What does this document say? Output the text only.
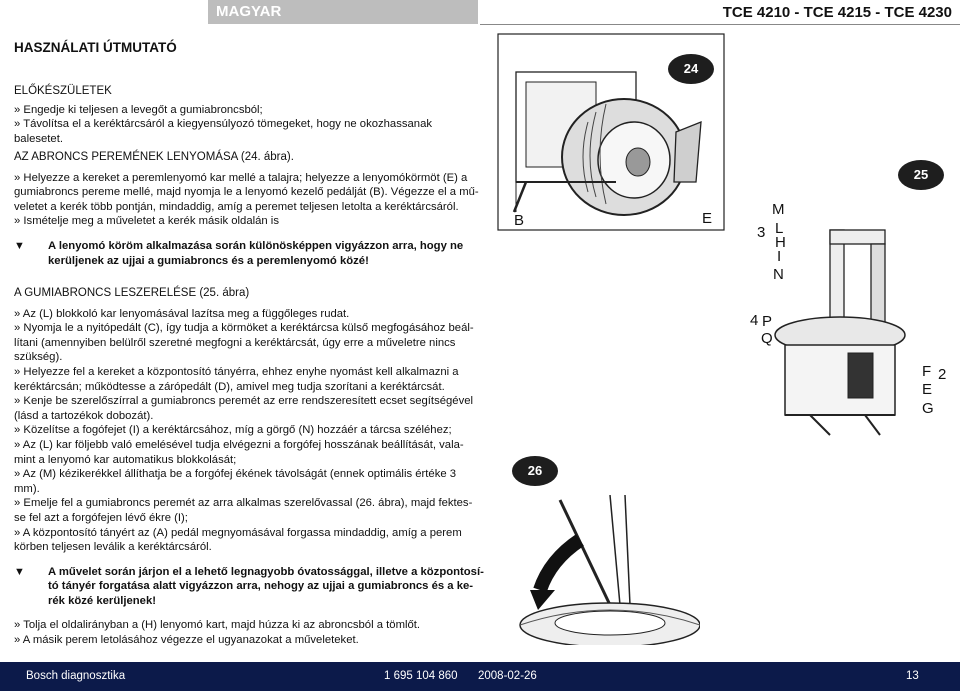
MAGYAR	TCE 4210 - TCE 4215 - TCE 4230
HASZNÁLATI ÚTMUTATÓ

ELŐKÉSZÜLETEK

» Engedje ki teljesen a levegőt a gumiabroncsból;

» Távolítsa el a keréktárcsáról a kiegyensúlyozó tömegeket, hogy ne okozhassanak balesetet.

AZ ABRONCS PEREMÉNEK LENYOMÁSA (24. ábra).

» Helyezze a kereket a peremlenyomó kar mellé a talajra; helyezze a lenyomókörmöt (E) a

gumiabroncs pereme mellé, majd nyomja le a lenyomó kezelő pedálját (B). Végezze el a mű-

veletet a kerék több pontján, mindaddig, amíg a peremet teljesen letolta a keréktárcsáról.

» Ismételje meg a műveletet a kerék másik oldalán is

▼	A lenyomó köröm alkalmazása során különösképpen vigyázzon arra, hogy ne

kerüljenek az ujjai a gumiabroncs és a peremlenyomó közé!

A GUMIABRONCS LESZERELÉSE (25. ábra)

» Az (L) blokkoló kar lenyomásával lazítsa meg a függőleges rudat.

» Nyomja le a nyitópedált (C), így tudja a körmöket a keréktárcsa külső megfogásához beál-

lítani (amennyiben belülről szeretné megfogni a keréktárcsát, úgy erre a műveletre nincs

szükség).

» Helyezze fel a kereket a központosító tányérra, ehhez enyhe nyomást kell alkalmazni a

keréktárcsán; működtesse a zárópedált (D), amivel meg tudja szorítani a keréktárcsát.

» Kenje be szerelőszírral a gumiabroncs peremét az erre rendszeresített ecset segítségével

(lásd a tartozékok dobozát).

» Közelítse a fogófejet (I) a keréktárcsához, míg a görgő (N) hozzáér a tárcsa széléhez;

» Az (L) kar följebb való emelésével tudja elvégezni a forgófej hosszának beállítását, vala-

mint a lenyomó kar automatikus blokkolását;

» Az (M) kézikerékkel állíthatja be a forgófej ékének távolságát (ennek optimális értéke 3

mm).

» Emelje fel a gumiabroncs peremét az arra alkalmas szerelővassal (26. ábra), majd fektes-

se fel azt a forgófejen lévő ékre (I);

» A központosító tányért az (A) pedál megnyomásával forgassa mindaddig, amíg a perem

körben teljesen leválik a keréktárcsáról.

▼	A művelet során járjon el a lehető legnagyobb óvatossággal, illetve a központosí-

tó tányér forgatása alatt vigyázzon arra, nehogy az ujjai a gumiabroncs és a ke-

rék közé kerüljenek!

» Tolja el oldalirányban a (H) lenyomó kart, majd húzza ki az abroncsból a tömlőt.

» A másik perem letolásához végezze el ugyanazokat a műveleteket.

24
B	E
25
M
3 L
H
I
N
4 P
Q
F 2
E
G
26
Bosch diagnosztika	1 695 104 860 2008-02-26	13
